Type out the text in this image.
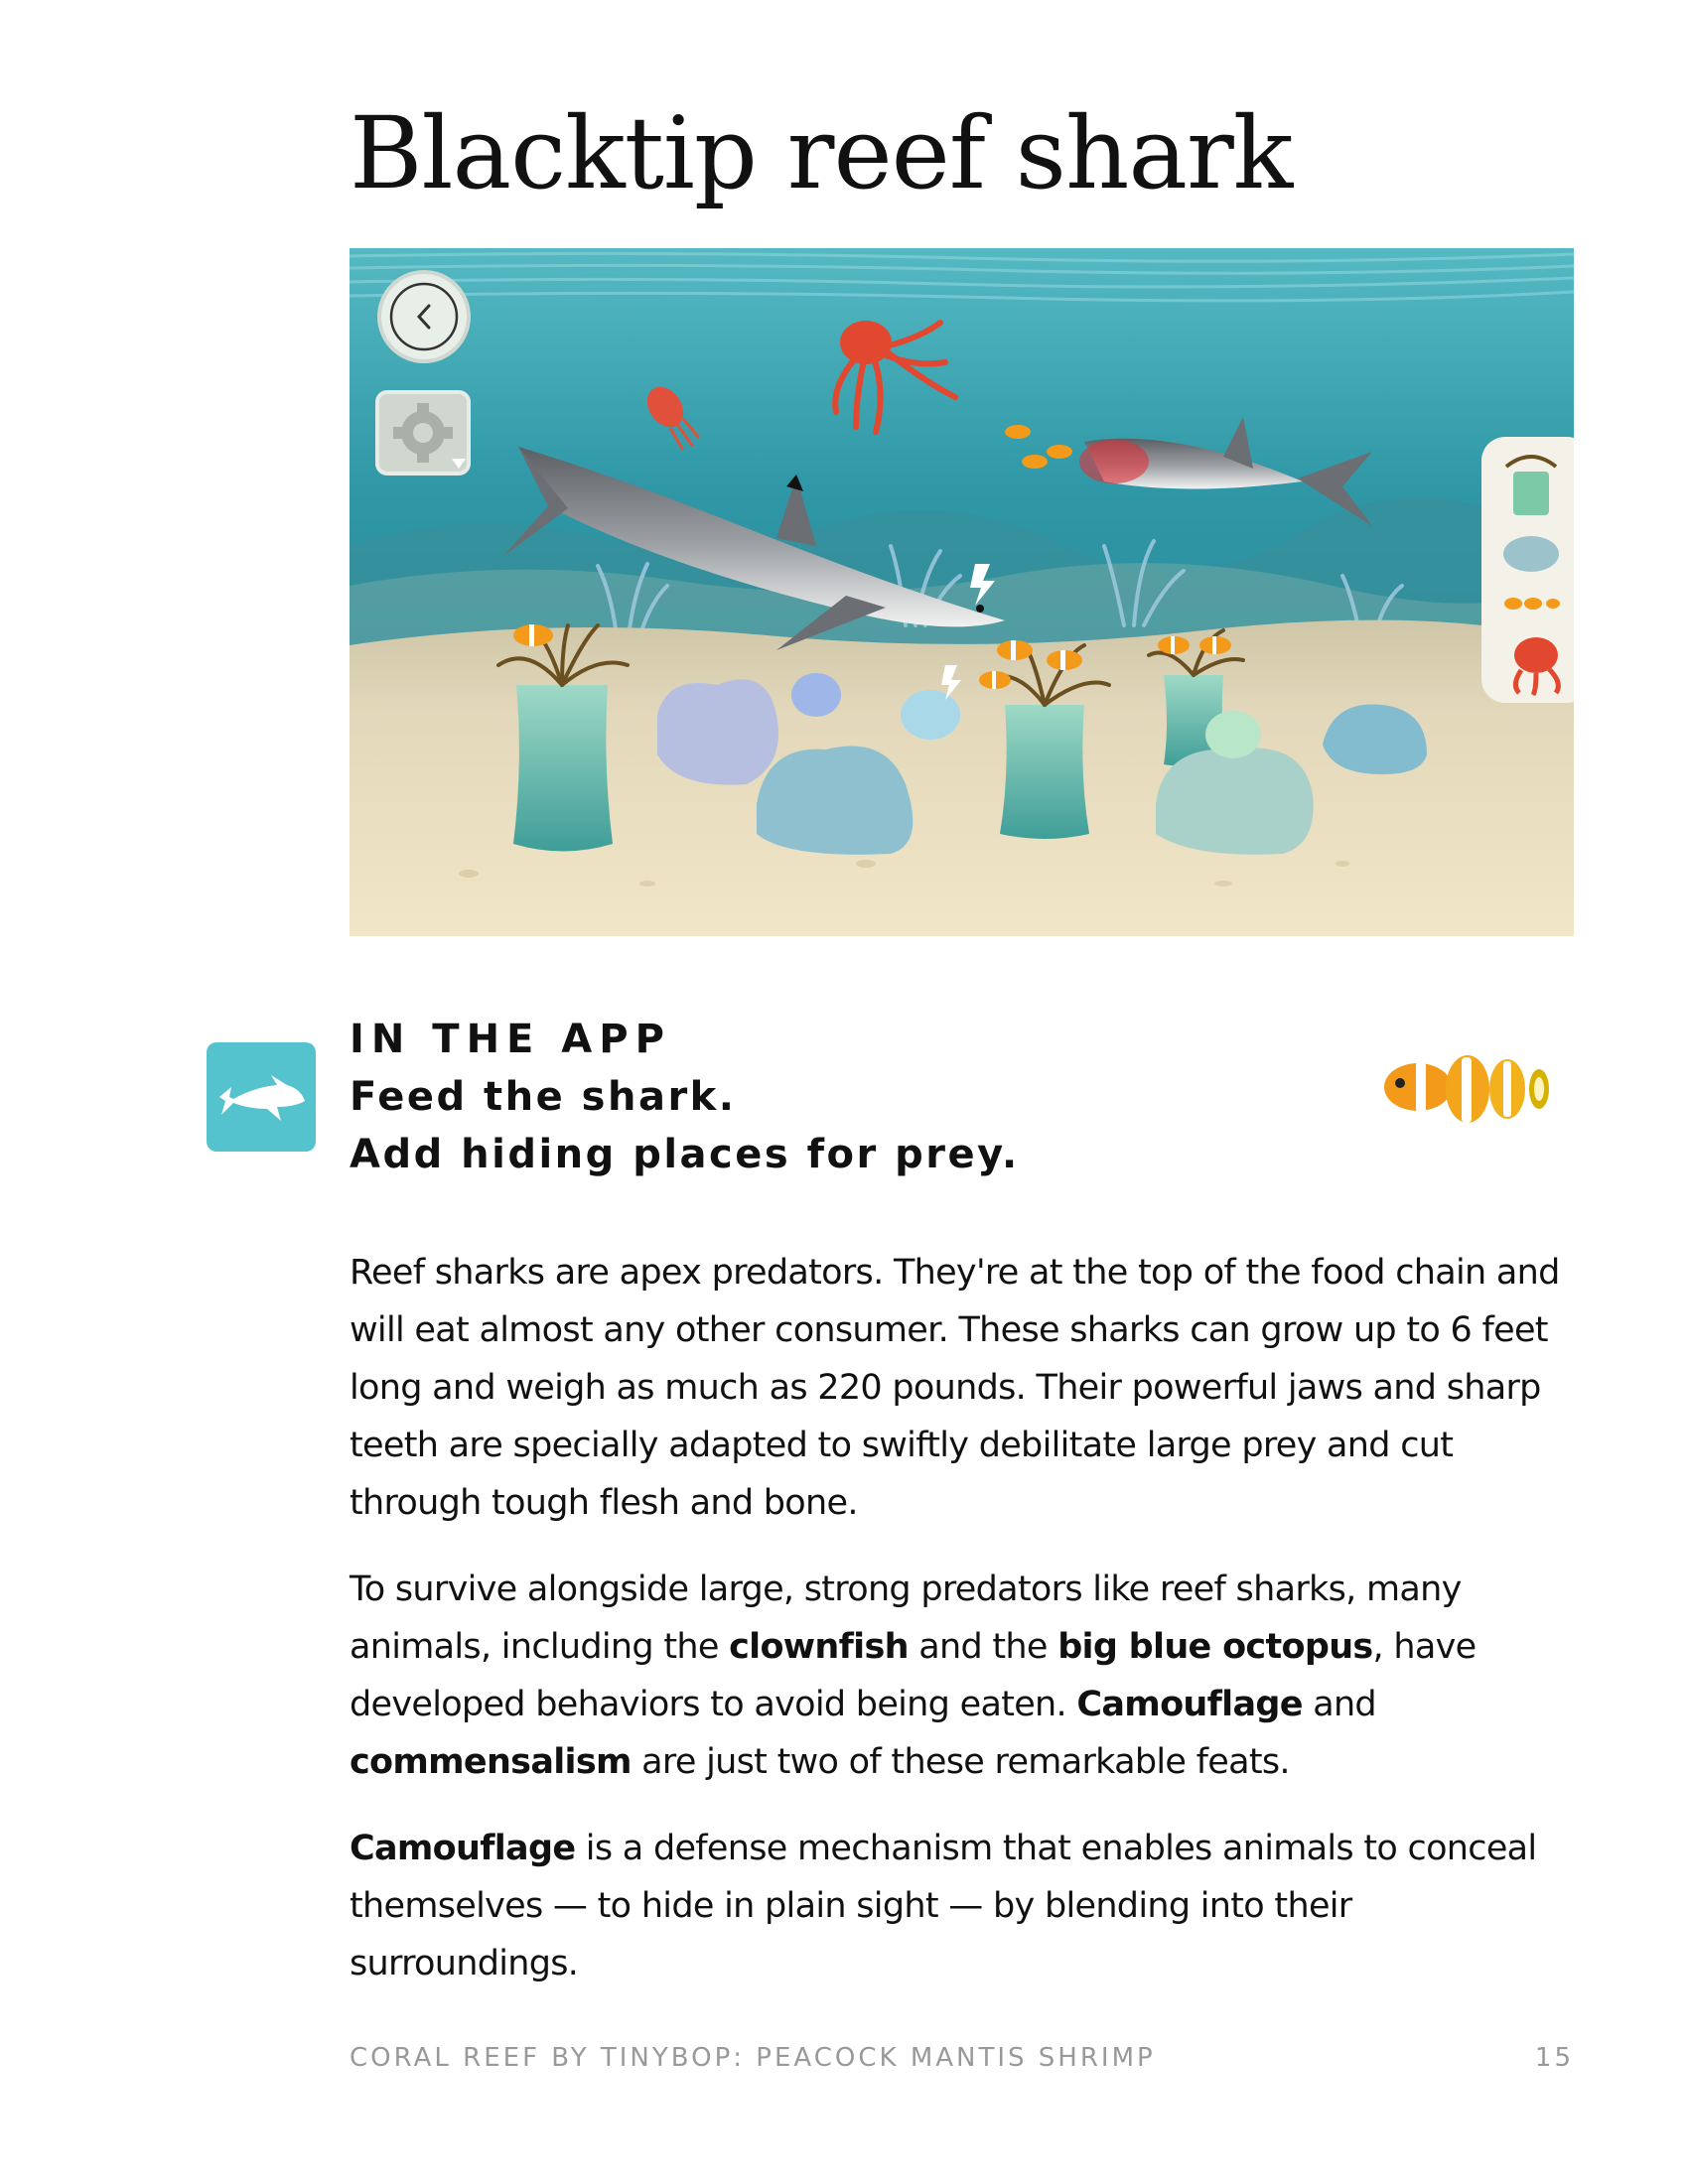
Blacktip reef shark
IN THE APP
Feed the shark.
Add hiding places for prey.

Reef sharks are apex predators. They're at the top of the food chain and will eat almost any other consumer. These sharks can grow up to 6 feet long and weigh as much as 220 pounds. Their powerful jaws and sharp teeth are specially adapted to swiftly debilitate large prey and cut through tough flesh and bone.

To survive alongside large, strong predators like reef sharks, many animals, including the clownfish and the big blue octopus, have developed behaviors to avoid being eaten. Camouflage and commensalism are just two of these remarkable feats.

Camouflage is a defense mechanism that enables animals to conceal themselves — to hide in plain sight — by blending into their surroundings.

CORAL REEF BY TINYBOP: PEACOCK MANTIS SHRIMP	15
